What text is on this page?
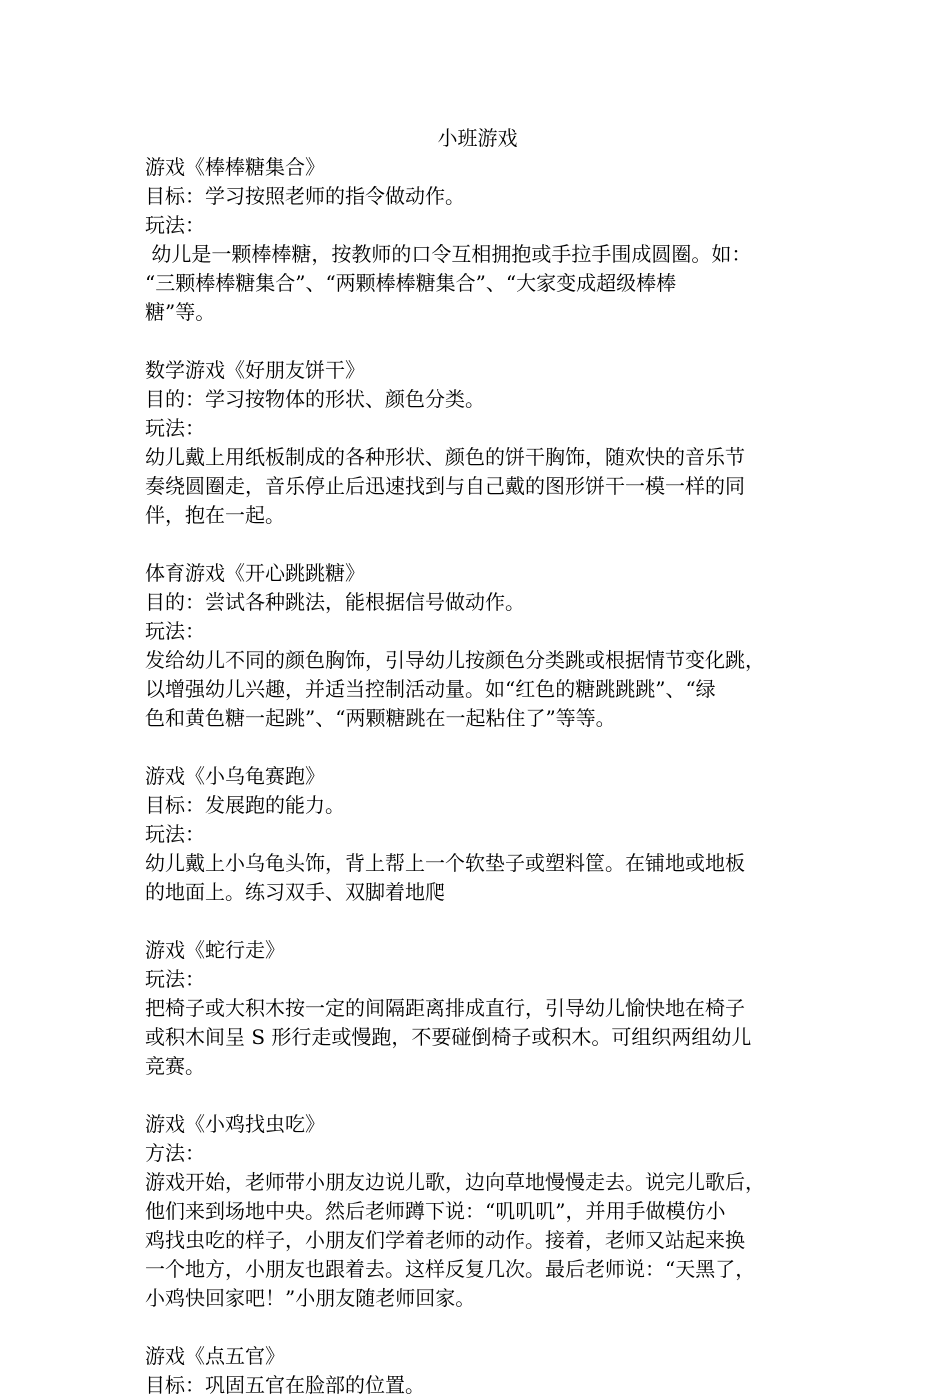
小班游戏

游戏《棒棒糖集合》

目标：学习按照老师的指令做动作。

玩法：

幼儿是一颗棒棒糖，按教师的口令互相拥抱或手拉手围成圆圈。如：
“三颗棒棒糖集合”、“两颗棒棒糖集合”、“大家变成超级棒棒
糖”等。

数学游戏《好朋友饼干》

目的：学习按物体的形状、颜色分类。

玩法：

幼儿戴上用纸板制成的各种形状、颜色的饼干胸饰，随欢快的音乐节
奏绕圆圈走，音乐停止后迅速找到与自己戴的图形饼干一模一样的同
伴，抱在一起。

体育游戏《开心跳跳糖》

目的：尝试各种跳法，能根据信号做动作。

玩法：

发给幼儿不同的颜色胸饰，引导幼儿按颜色分类跳或根据情节变化跳，
以增强幼儿兴趣，并适当控制活动量。如“红色的糖跳跳跳”、“绿
色和黄色糖一起跳”、“两颗糖跳在一起粘住了”等等。

游戏《小乌龟赛跑》

目标：发展跑的能力。

玩法：

幼儿戴上小乌龟头饰，背上帮上一个软垫子或塑料筐。在铺地或地板
的地面上。练习双手、双脚着地爬

游戏《蛇行走》

玩法：

把椅子或大积木按一定的间隔距离排成直行，引导幼儿愉快地在椅子
或积木间呈 S 形行走或慢跑，不要碰倒椅子或积木。可组织两组幼儿
竞赛。

游戏《小鸡找虫吃》

方法：

游戏开始，老师带小朋友边说儿歌，边向草地慢慢走去。说完儿歌后，
他们来到场地中央。然后老师蹲下说：“叽叽叽”，并用手做模仿小
鸡找虫吃的样子，小朋友们学着老师的动作。接着，老师又站起来换
一个地方，小朋友也跟着去。这样反复几次。最后老师说：“天黑了，
小鸡快回家吧！”小朋友随老师回家。

游戏《点五官》

目标：巩固五官在脸部的位置。
